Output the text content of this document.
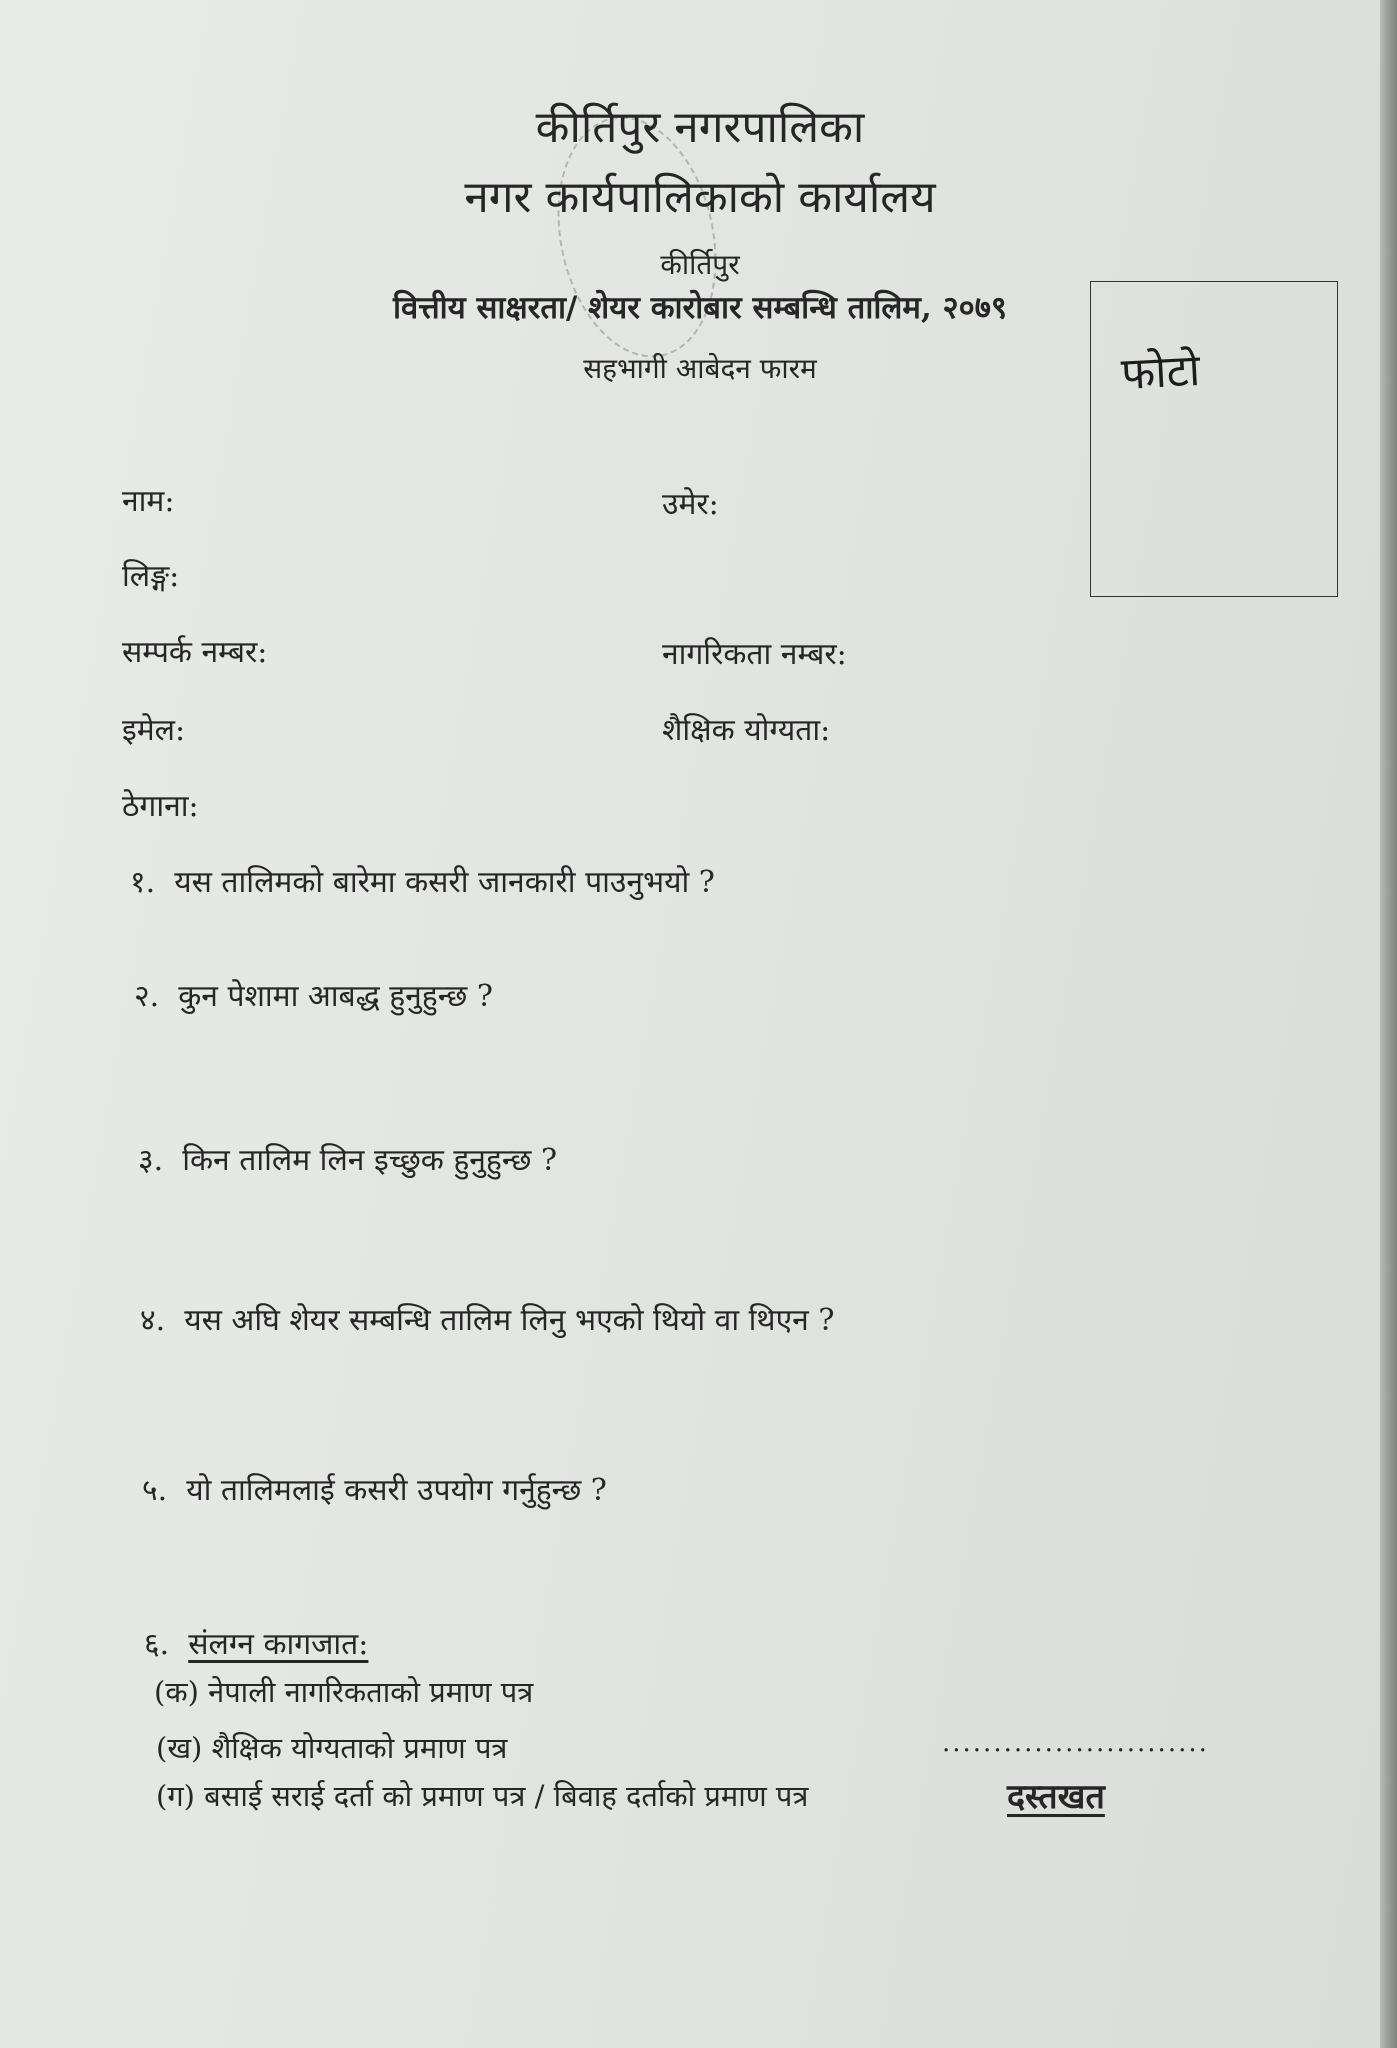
कीर्तिपुर नगरपालिका
नगर कार्यपालिकाको कार्यालय
कीर्तिपुर
वित्तीय साक्षरता/ शेयर कारोबार सम्बन्धि तालिम, २०७९
सहभागी आबेदन फारम	फोटो
नाम:	उमेर:
लिङ्ग:
सम्पर्क नम्बर:	नागरिकता नम्बर:
इमेल:	शैक्षिक योग्यता:
ठेगाना:
१. यस तालिमको बारेमा कसरी जानकारी पाउनुभयो ?
२. कुन पेशामा आबद्ध हुनुहुन्छ ?
३. किन तालिम लिन इच्छुक हुनुहुन्छ ?
४. यस अघि शेयर सम्बन्धि तालिम लिनु भएको थियो वा थिएन ?
५. यो तालिमलाई कसरी उपयोग गर्नुहुन्छ ?
६. संलग्न कागजात:
(क) नेपाली नागरिकताको प्रमाण पत्र
(ख) शैक्षिक योग्यताको प्रमाण पत्र
(ग) बसाई सराई दर्ता को प्रमाण पत्र / बिवाह दर्ताको प्रमाण पत्र
..........................
दस्तखत
